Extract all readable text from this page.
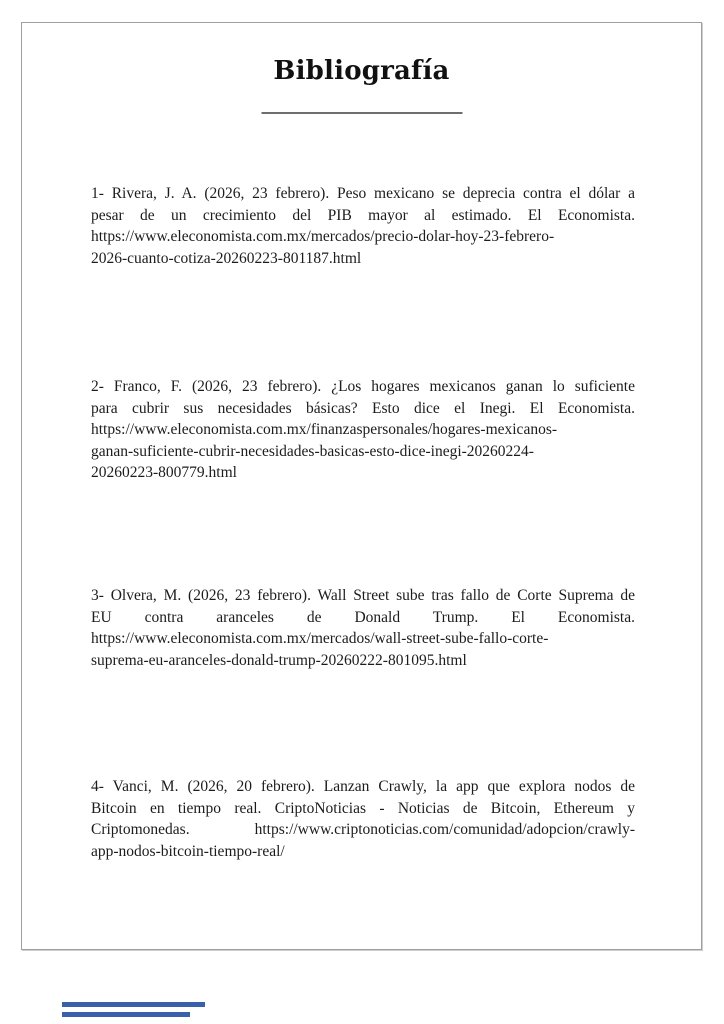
Bibliografía
1- Rivera, J. A. (2026, 23 febrero). Peso mexicano se deprecia contra el dólar a
pesar de un crecimiento del PIB mayor al estimado. El Economista.
https://www.eleconomista.com.mx/mercados/precio-dolar-hoy-23-febrero-
2026-cuanto-cotiza-20260223-801187.html
2- Franco, F. (2026, 23 febrero). ¿Los hogares mexicanos ganan lo suficiente
para cubrir sus necesidades básicas? Esto dice el Inegi. El Economista.
https://www.eleconomista.com.mx/finanzaspersonales/hogares-mexicanos-
ganan-suficiente-cubrir-necesidades-basicas-esto-dice-inegi-20260224-
20260223-800779.html
3- Olvera, M. (2026, 23 febrero). Wall Street sube tras fallo de Corte Suprema de
EU contra aranceles de Donald Trump. El Economista.
https://www.eleconomista.com.mx/mercados/wall-street-sube-fallo-corte-
suprema-eu-aranceles-donald-trump-20260222-801095.html
4- Vanci, M. (2026, 20 febrero). Lanzan Crawly, la app que explora nodos de
Bitcoin en tiempo real. CriptoNoticias - Noticias de Bitcoin, Ethereum y
Criptomonedas. https://www.criptonoticias.com/comunidad/adopcion/crawly-
app-nodos-bitcoin-tiempo-real/
